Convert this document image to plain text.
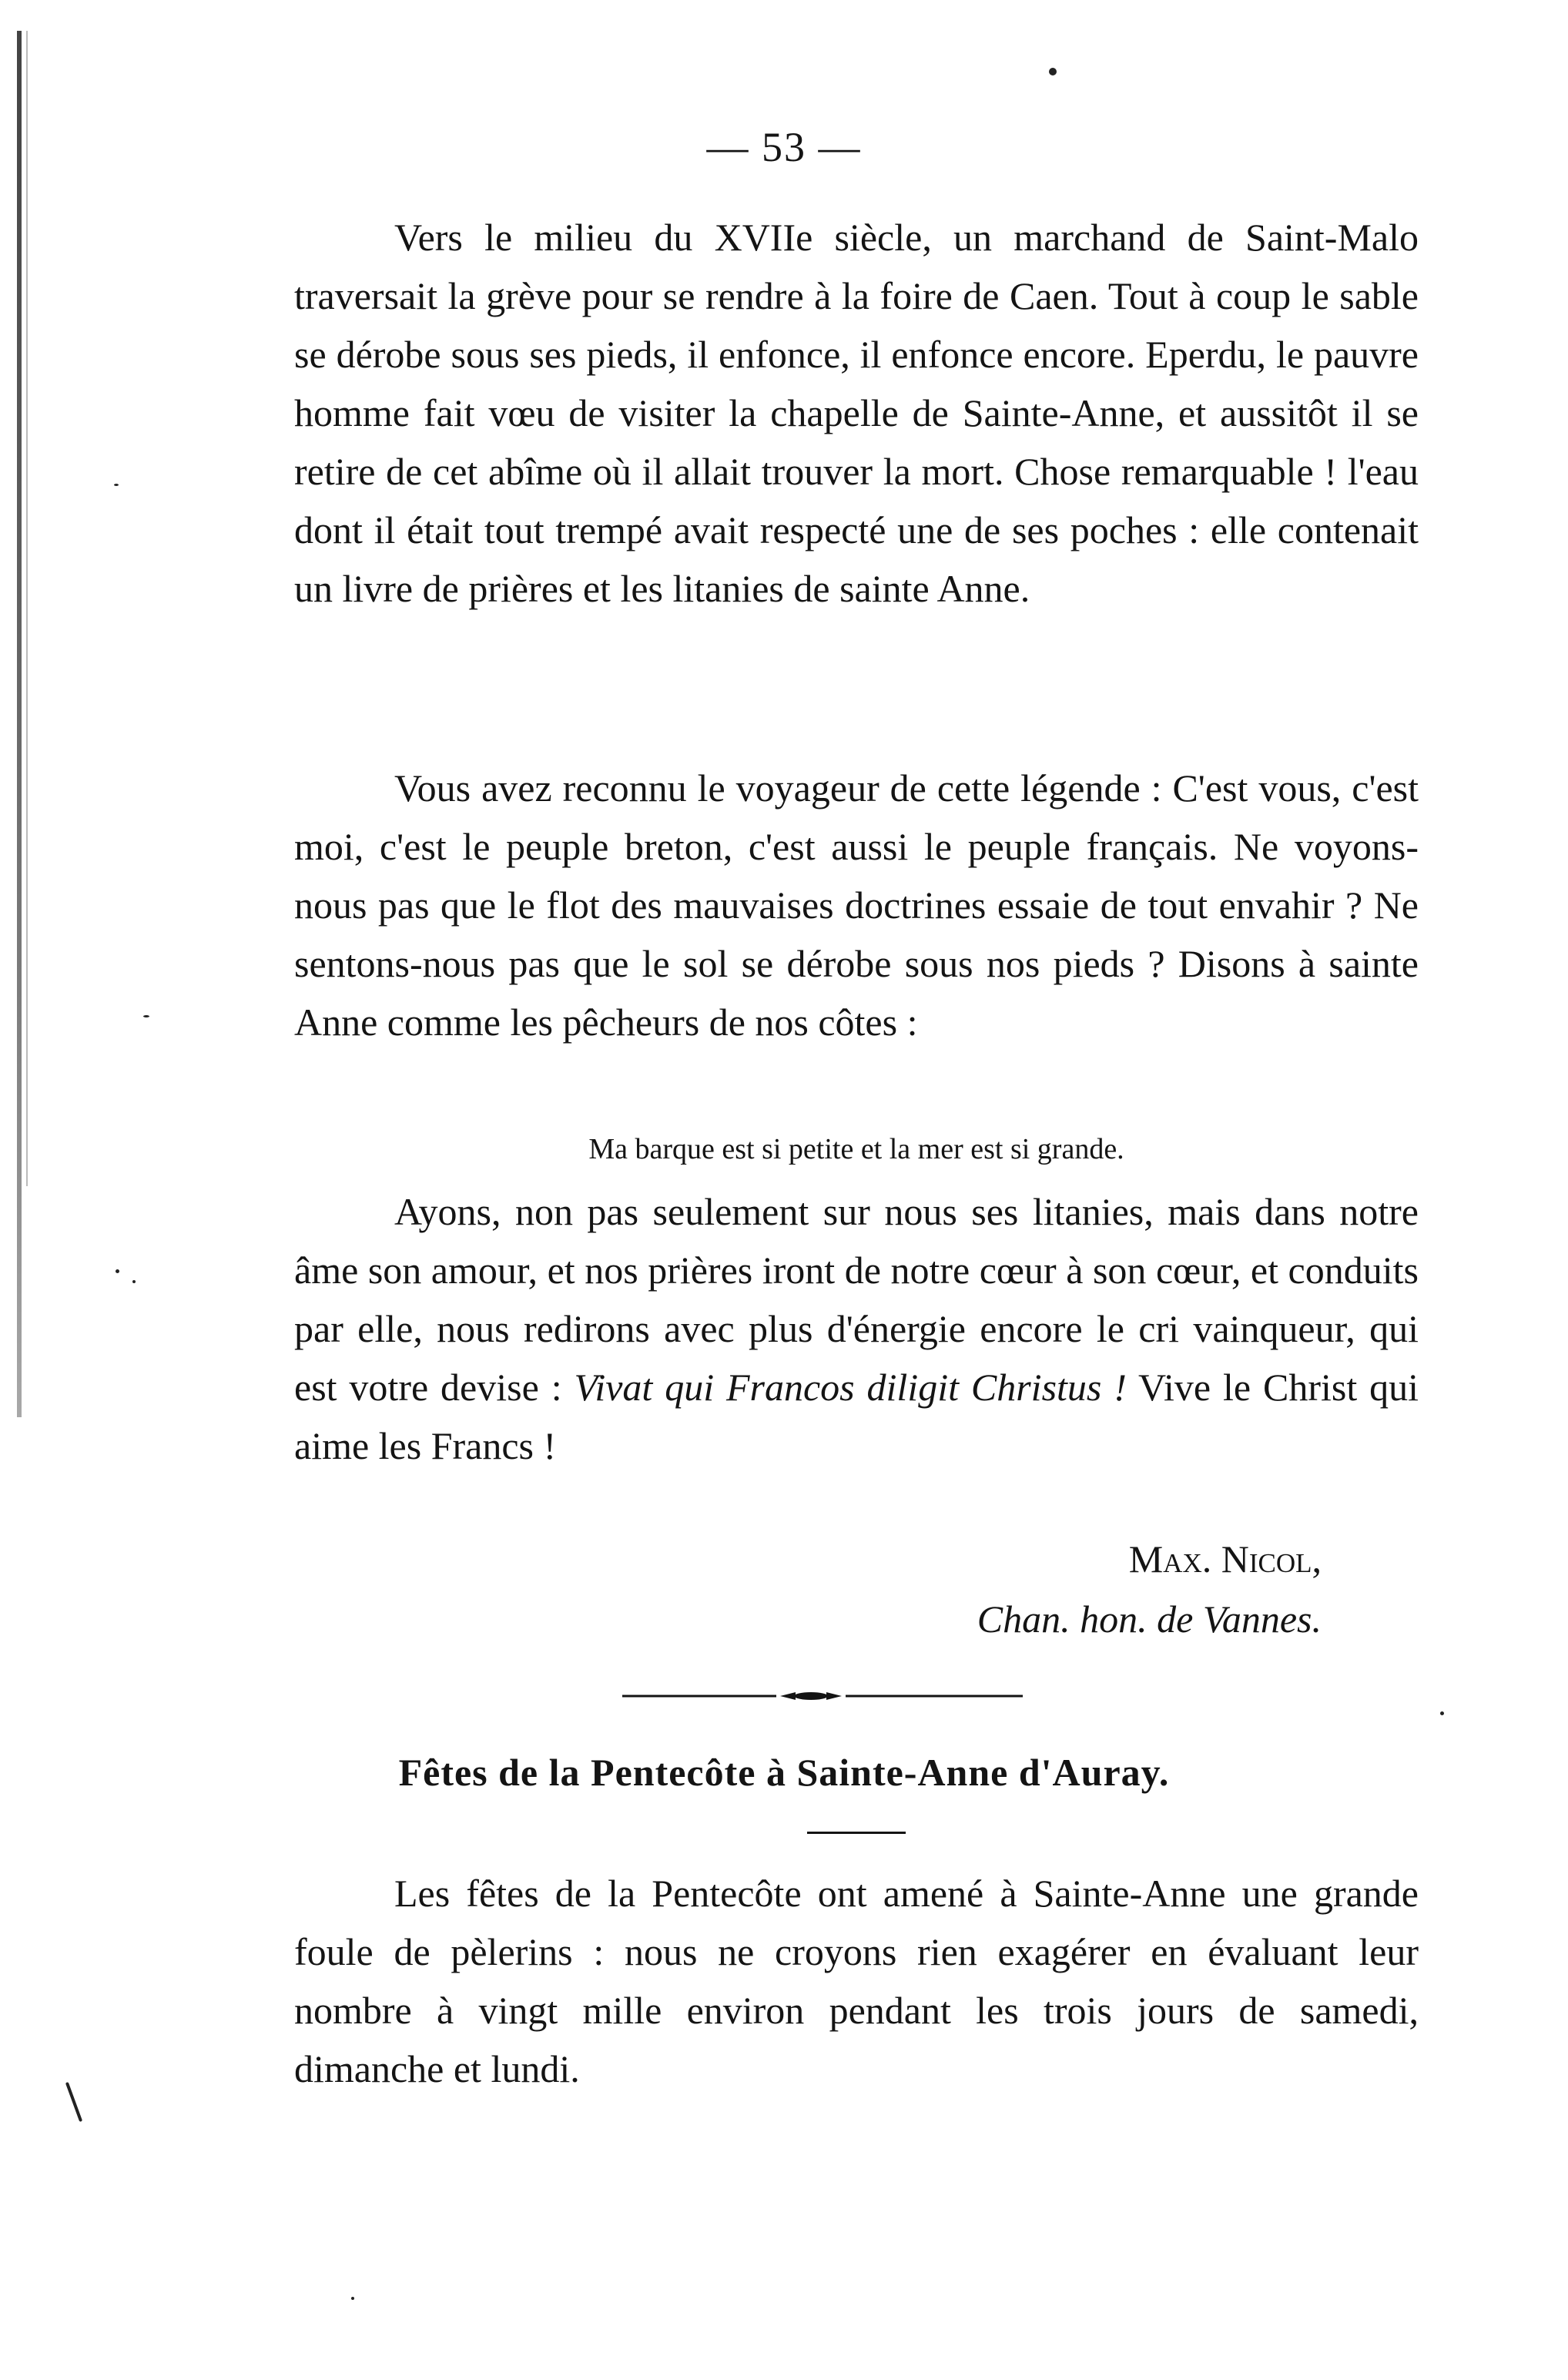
— 53 —

Vers le milieu du XVIIe siècle, un marchand de Saint-Malo traversait la grève pour se rendre à la foire de Caen. Tout à coup le sable se dérobe sous ses pieds, il enfonce, il enfonce encore. Eperdu, le pauvre homme fait vœu de visiter la chapelle de Sainte-Anne, et aussitôt il se retire de cet abîme où il allait trouver la mort. Chose remarquable ! l'eau dont il était tout trempé avait respecté une de ses poches : elle contenait un livre de prières et les litanies de sainte Anne.

Vous avez reconnu le voyageur de cette légende : C'est vous, c'est moi, c'est le peuple breton, c'est aussi le peuple français. Ne voyons-nous pas que le flot des mauvaises doctrines essaie de tout envahir ? Ne sentons-nous pas que le sol se dérobe sous nos pieds ? Disons à sainte Anne comme les pêcheurs de nos côtes :

Ma barque est si petite et la mer est si grande.

Ayons, non pas seulement sur nous ses litanies, mais dans notre âme son amour, et nos prières iront de notre cœur à son cœur, et conduits par elle, nous redirons avec plus d'énergie encore le cri vainqueur, qui est votre devise : Vivat qui Francos diligit Christus ! Vive le Christ qui aime les Francs !

Max. Nicol,
Chan. hon. de Vannes.
Fêtes de la Pentecôte à Sainte-Anne d'Auray.

Les fêtes de la Pentecôte ont amené à Sainte-Anne une grande foule de pèlerins : nous ne croyons rien exagérer en évaluant leur nombre à vingt mille environ pendant les trois jours de samedi, dimanche et lundi.
